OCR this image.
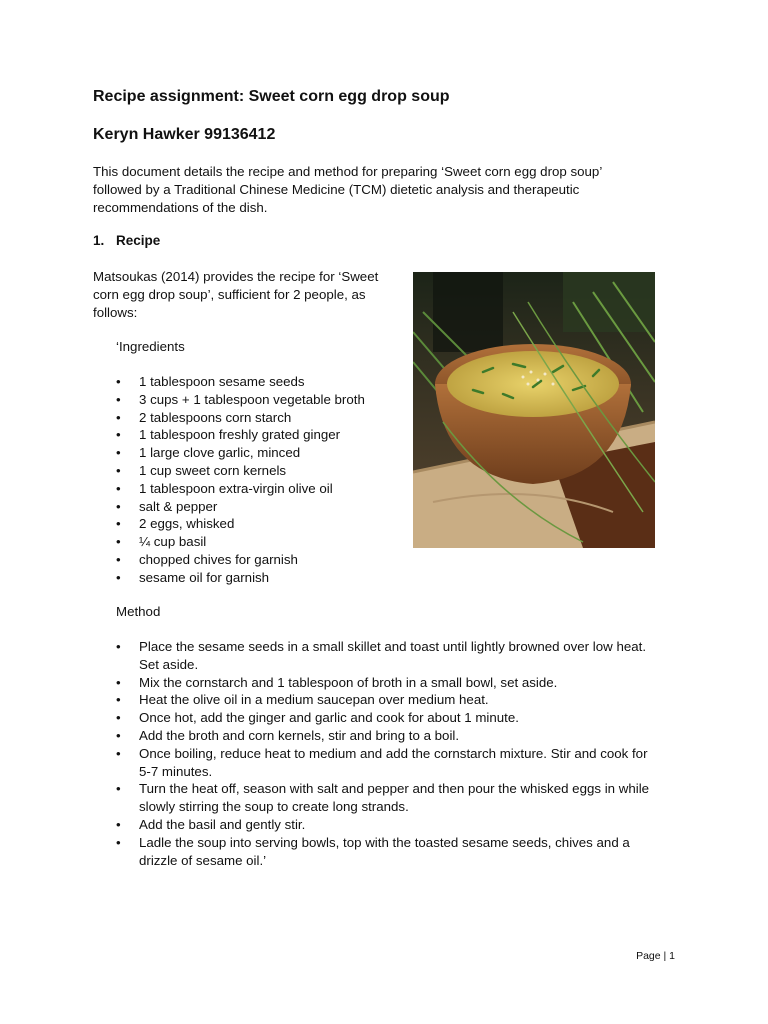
Recipe assignment: Sweet corn egg drop soup
Keryn Hawker 99136412

This document details the recipe and method for preparing ‘Sweet corn egg drop soup’ followed by a Traditional Chinese Medicine (TCM) dietetic analysis and therapeutic recommendations of the dish.

1. Recipe

Matsoukas (2014) provides the recipe for ‘Sweet corn egg drop soup’, sufficient for 2 people, as follows:

‘Ingredients

• 1 tablespoon sesame seeds
• 3 cups + 1 tablespoon vegetable broth
• 2 tablespoons corn starch
• 1 tablespoon freshly grated ginger
• 1 large clove garlic, minced
• 1 cup sweet corn kernels
• 1 tablespoon extra-virgin olive oil
• salt & pepper
• 2 eggs, whisked
• ¼ cup basil
• chopped chives for garnish
• sesame oil for garnish

Method

• Place the sesame seeds in a small skillet and toast until lightly browned over low heat. Set aside.
• Mix the cornstarch and 1 tablespoon of broth in a small bowl, set aside.
• Heat the olive oil in a medium saucepan over medium heat.
• Once hot, add the ginger and garlic and cook for about 1 minute.
• Add the broth and corn kernels, stir and bring to a boil.
• Once boiling, reduce heat to medium and add the cornstarch mixture. Stir and cook for 5-7 minutes.
• Turn the heat off, season with salt and pepper and then pour the whisked eggs in while slowly stirring the soup to create long strands.
• Add the basil and gently stir.
• Ladle the soup into serving bowls, top with the toasted sesame seeds, chives and a drizzle of sesame oil.’
Page | 1
